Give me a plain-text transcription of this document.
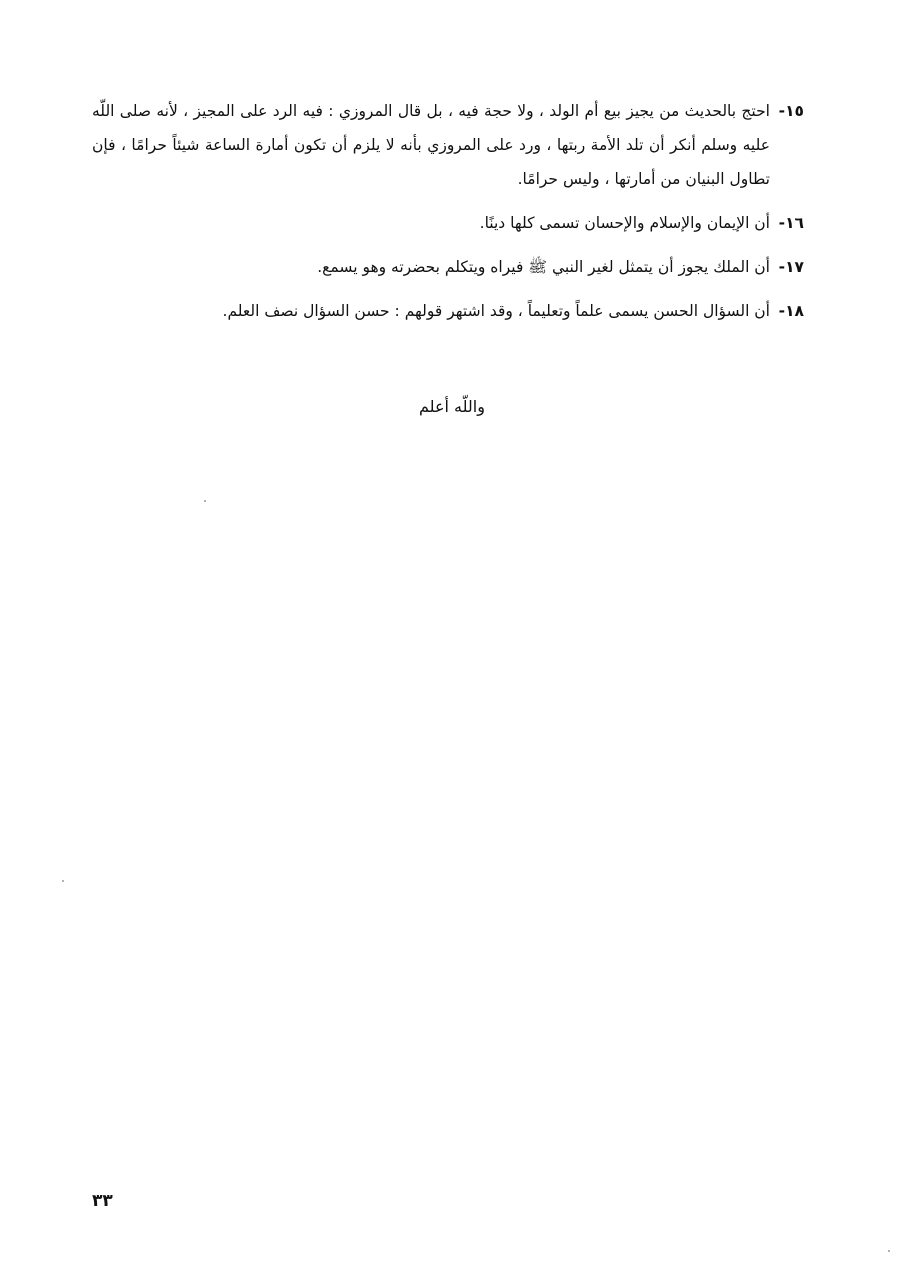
١٥-
احتج بالحديث من يجيز بيع أم الولد ، ولا حجة فيه ، بل قال المروزي : فيه الرد على المجيز ، لأنه صلى اللّه عليه وسلم أنكر أن تلد الأمة ربتها ، ورد على المروزي بأنه لا يلزم أن تكون أمارة الساعة شيئاً حرامًا ، فإن تطاول البنيان من أمارتها ، وليس حرامًا.
١٦-
أن الإيمان والإسلام والإحسان تسمى كلها دينًا.
١٧-
أن الملك يجوز أن يتمثل لغير النبي ﷺ فيراه ويتكلم بحضرته وهو يسمع.
١٨-
أن السؤال الحسن يسمى علماً وتعليماً ، وقد اشتهر قولهم : حسن السؤال نصف العلم.
واللّه أعلم
٣٣
